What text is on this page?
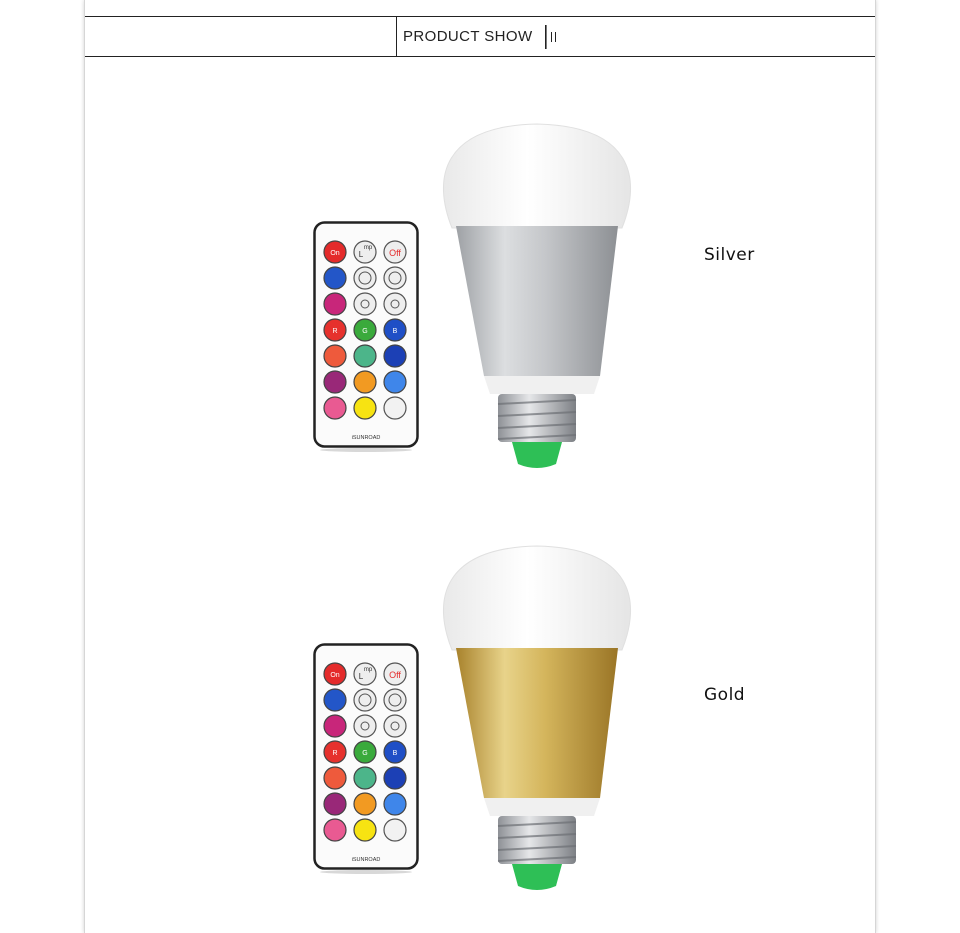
PRODUCT SHOW
On
mp
L	Off
R	G	B
iSUNROAD
Silver
On
mp
L	Off
R	G	B
iSUNROAD
Gold
